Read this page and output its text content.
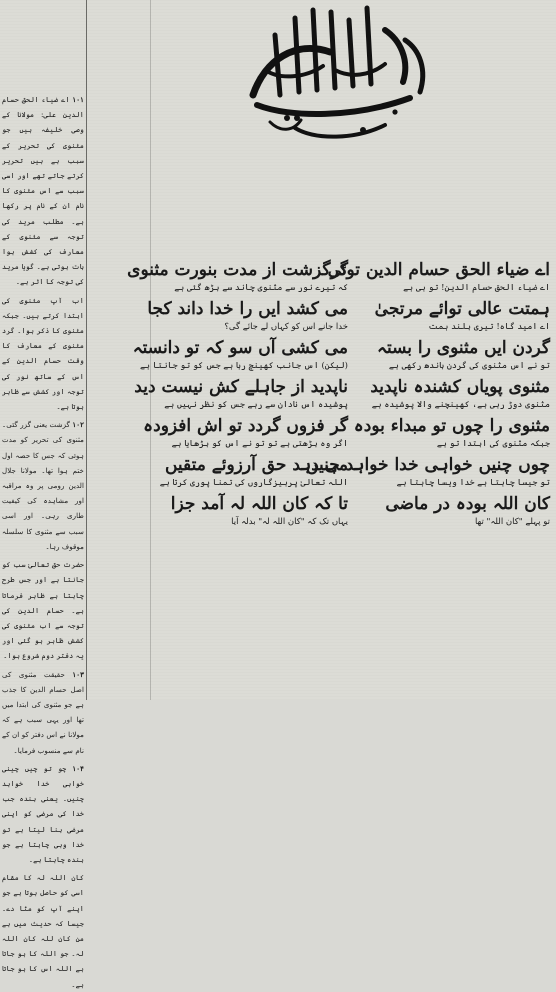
۱۰۱ اے ضیاء الحق حسام الدین علی: مولانا کے وصی خلیفہ ہیں جو مثنوی کی تحریر کے سبب ہے ہیں تحریر کرتے جاتے تھے اور اسی سبب سے اس مثنوی کا نام ان کے نام پر رکھا ہے۔ مطلب مرید کی توجہ سے مثنوی کے معارف کی کشش ہوا بات ہوتی ہے۔ گویا مرید کی توجہ کا اثر ہے۔

اب آپ مثنوی کی ابتدا کرتے ہیں۔ جبکہ مثنوی کا ذکر ہوا۔ گرد مثنوی کے معارف کا وقت حسام الدین کے اس کے ساتھ نور کی توجہ اور کشش سے ظاہر ہوتا ہے۔

۱۰۲ گزشت یعنی گزر گئی۔ مثنوی کی تحریر کو مدت ہوئی کہ جس کا حصہ اول ختم ہوا تھا۔ مولانا جلال الدین رومی پر وہ مراقبہ اور مشاہدہ کی کیفیت طاری رہی۔ اور اسی سبب سے مثنوی کا سلسلہ موقوف رہا۔

حضرت حق تعالیٰ سب کو جانتا ہے اور جس طرح چاہتا ہے ظاہر فرماتا ہے۔ حسام الدین کی توجہ سے اب مثنوی کی کشش ظاہر ہو گئی اور یہ دفتر دوم شروع ہوا۔

۱۰۳ حقیقت مثنوی کی اصل حسام الدین کا جذب ہے جو مثنوی کی ابتدا میں تھا اور یہی سبب ہے کہ مولانا نے اس دفتر کو ان کے نام سے منسوب فرمایا۔

۱۰۴ چو تو چیں چینی خواہی خدا خواہد چنیں۔ یعنی بندہ جب خدا کی مرضی کو اپنی مرضی بنا لیتا ہے تو خدا وہی چاہتا ہے جو بندہ چاہتا ہے۔

کان اللہ لہ کا مقام اسی کو حاصل ہوتا ہے جو اپنے آپ کو مٹا دے۔ جیسا کہ حدیث میں ہے من کان للہ کان اللہ لہ۔ جو اللہ کا ہو جاتا ہے اللہ اس کا ہو جاتا ہے۔

اے ضیاء الحق حسام الدین توئی

اے ضیاء الحق حسام الدین! تو ہی ہے

ہمتت عالی توائے مرتجیٰ

اے امید گاہ! تیری بلند ہمت

گردن ایں مثنوی را بستہ

تو نے اس مثنوی کی گردن باندھ رکھی ہے

مثنوی پویاں کشندہ ناپدید

مثنوی دوڑ رہی ہے، کھینچنے والا پوشیدہ ہے

مثنوی را چوں تو مبداء بودہ

جبکہ مثنوی کی ابتدا تو ہے

چوں چنیں خواہی خدا خواہد چنیں

تو جیسا چاہتا ہے خدا ویسا چاہتا ہے

کان اللہ بودہ در ماضی

تو پہلے "کان اللہ" تھا

گرگزشت از مدت بنورت مثنوی

کہ تیرے نور سے مثنوی چاند سے بڑھ گئی ہے

می کشد ایں را خدا داند کجا

خدا جانے اس کو کہاں لے جائے گی؟

می کشی آں سو کہ تو دانستہ

(لیکن) اس جانب کھینچ رہا ہے جس کو تو جانتا ہے

ناپدید از جاہلے کش نیست دید

پوشیدہ اس نادان سے رہے جس کو نظر نہیں ہے

گر فزوں گردد تو اش افزودہ

اگر وہ بڑھتی ہے تو تو نے اس کو بڑھایا ہے

می دہد حق آرزوئے متقیں

اللہ تعالیٰ پرہیزگاروں کی تمنا پوری کرتا ہے

تا کہ کان اللہ لہ آمد جزا

یہاں تک کہ "کان اللہ لہ" بدلہ آیا
